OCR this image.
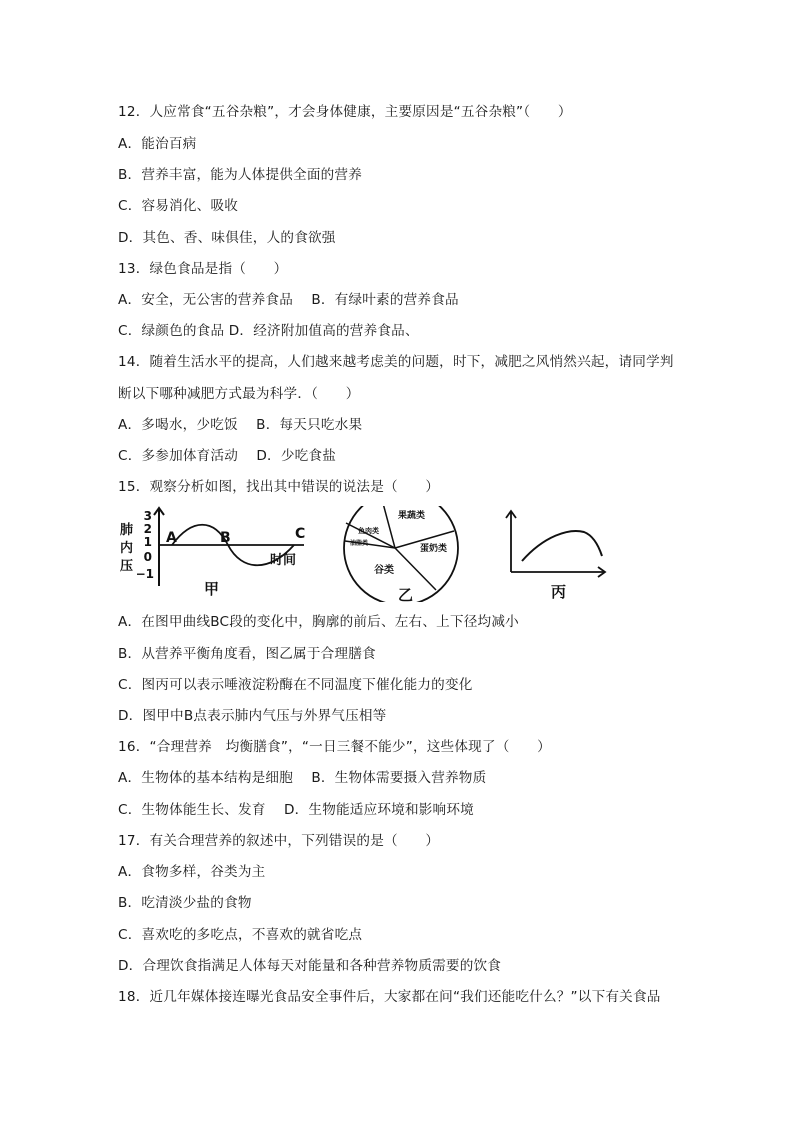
12．人应常食“五谷杂粮”，才会身体健康，主要原因是“五谷杂粮”（　　）
A．能治百病
B．营养丰富，能为人体提供全面的营养
C．容易消化、吸收
D．其色、香、味俱佳，人的食欲强
13．绿色食品是指（　　）
A．安全，无公害的营养食品　 B．有绿叶素的营养食品
C．绿颜色的食品 D．经济附加值高的营养食品、
14．随着生活水平的提高，人们越来越考虑美的问题，时下，减肥之风悄然兴起，请同学判
断以下哪种减肥方式最为科学．（　　）
A．多喝水，少吃饭　 B．每天只吃水果
C．多参加体育活动　 D．少吃食盐
15．观察分析如图，找出其中错误的说法是（　　）
肺
内
压
3
2
1
0
−1
A	B	C
时间
甲
果蔬类
鱼肉类
油脂类
蛋奶类
谷类
乙	丙
A．在图甲曲线BC段的变化中，胸廓的前后、左右、上下径均减小
B．从营养平衡角度看，图乙属于合理膳食
C．图丙可以表示唾液淀粉酶在不同温度下催化能力的变化
D．图甲中B点表示肺内气压与外界气压相等
16．“合理营养　均衡膳食”，“一日三餐不能少”，这些体现了（　　）
A．生物体的基本结构是细胞　 B．生物体需要摄入营养物质
C．生物体能生长、发育　 D．生物能适应环境和影响环境
17．有关合理营养的叙述中，下列错误的是（　　）
A．食物多样，谷类为主
B．吃清淡少盐的食物
C．喜欢吃的多吃点，不喜欢的就省吃点
D．合理饮食指满足人体每天对能量和各种营养物质需要的饮食
18．近几年媒体接连曝光食品安全事件后，大家都在问“我们还能吃什么？”以下有关食品
